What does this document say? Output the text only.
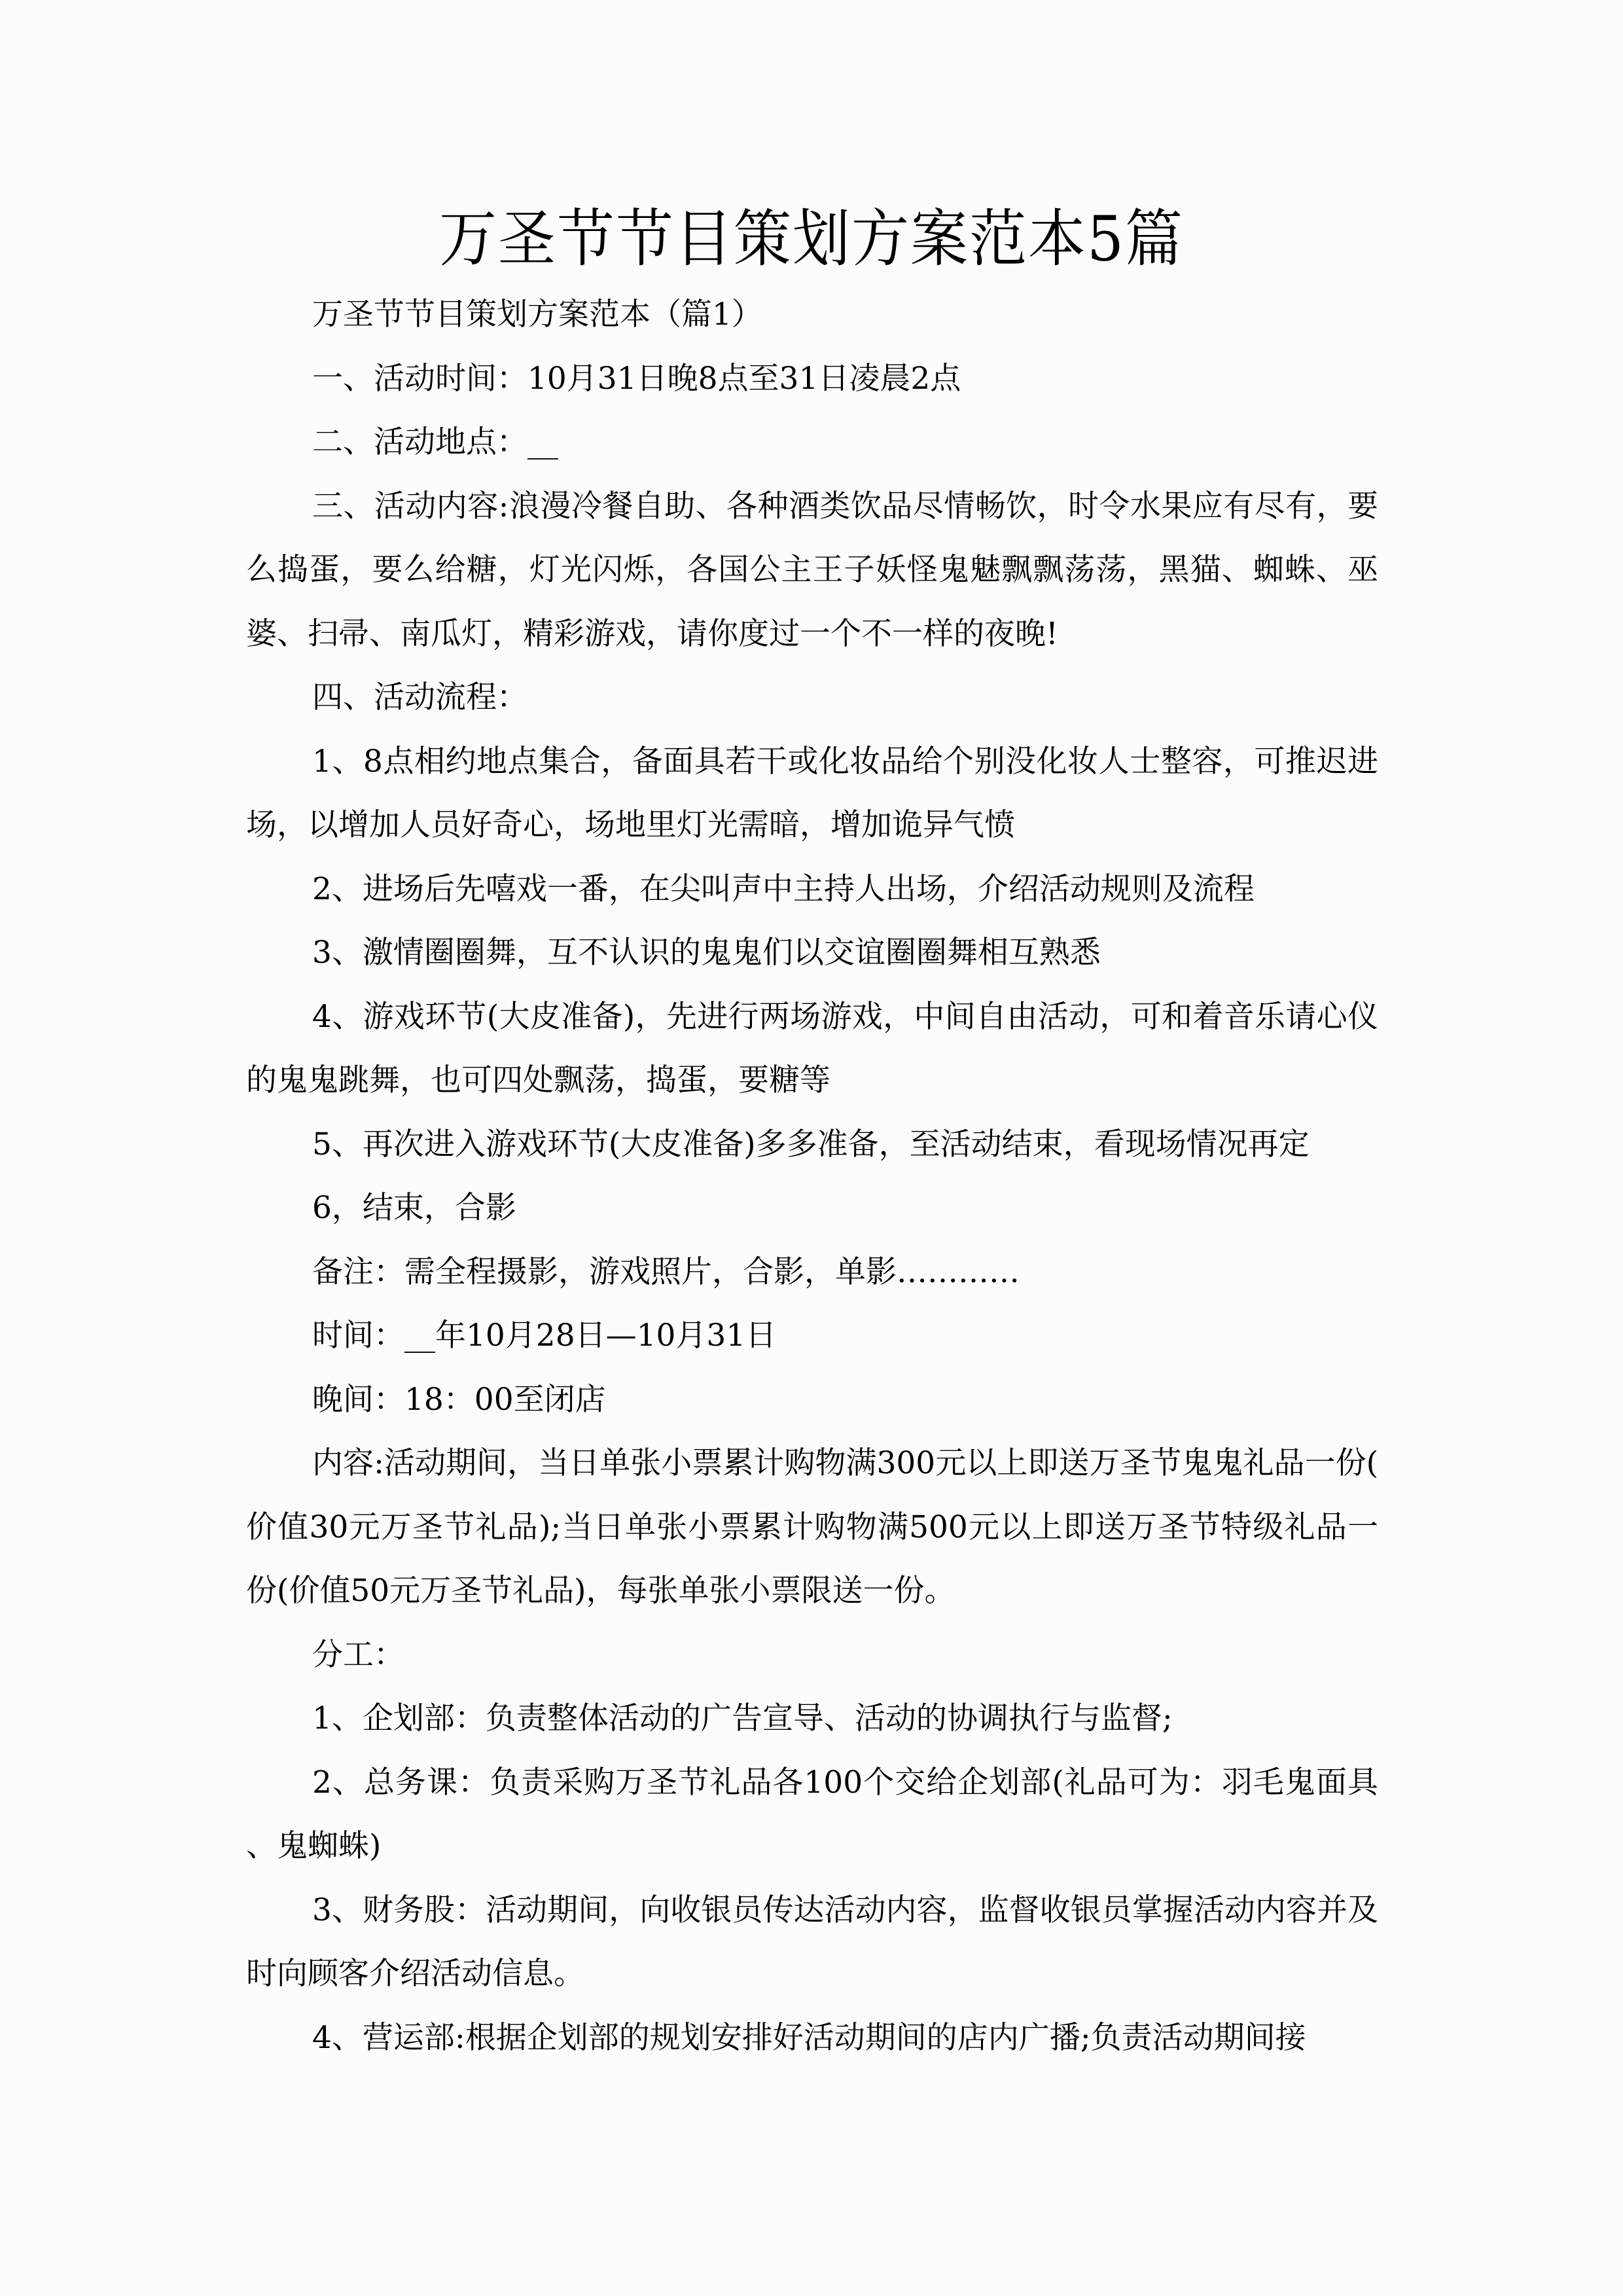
万圣节节目策划方案范本5篇

万圣节节目策划方案范本（篇1）

一、活动时间：10月31日晚8点至31日凌晨2点

二、活动地点：__

三、活动内容:浪漫冷餐自助、各种酒类饮品尽情畅饮，时令水果应有尽有，要么捣蛋，要么给糖，灯光闪烁，各国公主王子妖怪鬼魅飘飘荡荡，黑猫、蜘蛛、巫婆、扫帚、南瓜灯，精彩游戏，请你度过一个不一样的夜晚!

四、活动流程：

1、8点相约地点集合，备面具若干或化妆品给个别没化妆人士整容，可推迟进场，以增加人员好奇心，场地里灯光需暗，增加诡异气愤

2、进场后先嘻戏一番，在尖叫声中主持人出场，介绍活动规则及流程

3、激情圈圈舞，互不认识的鬼鬼们以交谊圈圈舞相互熟悉

4、游戏环节(大皮准备)，先进行两场游戏，中间自由活动，可和着音乐请心仪的鬼鬼跳舞，也可四处飘荡，捣蛋，要糖等

5、再次进入游戏环节(大皮准备)多多准备，至活动结束，看现场情况再定

6，结束，合影

备注：需全程摄影，游戏照片，合影，单影…………

时间：__年10月28日—10月31日

晚间：18：00至闭店

内容:活动期间，当日单张小票累计购物满300元以上即送万圣节鬼鬼礼品一份(价值30元万圣节礼品);当日单张小票累计购物满500元以上即送万圣节特级礼品一份(价值50元万圣节礼品)，每张单张小票限送一份。

分工：

1、企划部：负责整体活动的广告宣导、活动的协调执行与监督;

2、总务课：负责采购万圣节礼品各100个交给企划部(礼品可为：羽毛鬼面具、鬼蜘蛛)

3、财务股：活动期间，向收银员传达活动内容，监督收银员掌握活动内容并及时向顾客介绍活动信息。

4、营运部:根据企划部的规划安排好活动期间的店内广播;负责活动期间接
